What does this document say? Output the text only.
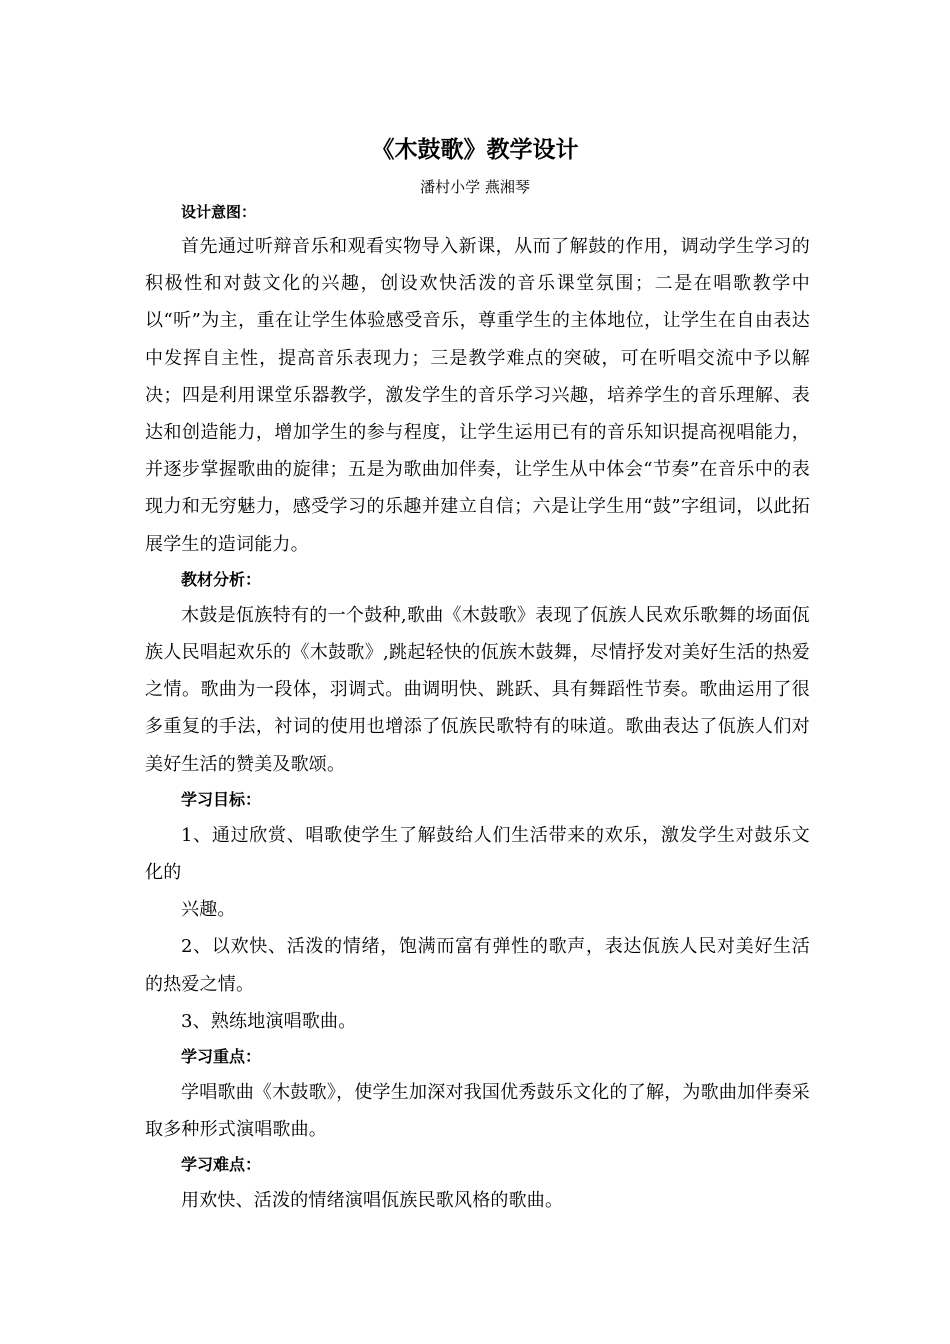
《木鼓歌》教学设计
潘村小学 燕湘琴

设计意图：

首先通过听辩音乐和观看实物导入新课，从而了解鼓的作用，调动学生学习的积极性和对鼓文化的兴趣，创设欢快活泼的音乐课堂氛围；二是在唱歌教学中以“听”为主，重在让学生体验感受音乐，尊重学生的主体地位，让学生在自由表达中发挥自主性，提高音乐表现力；三是教学难点的突破，可在听唱交流中予以解决；四是利用课堂乐器教学，激发学生的音乐学习兴趣，培养学生的音乐理解、表达和创造能力，增加学生的参与程度，让学生运用已有的音乐知识提高视唱能力，并逐步掌握歌曲的旋律；五是为歌曲加伴奏，让学生从中体会“节奏”在音乐中的表现力和无穷魅力，感受学习的乐趣并建立自信；六是让学生用“鼓”字组词，以此拓展学生的造词能力。

教材分析：

木鼓是佤族特有的一个鼓种,歌曲《木鼓歌》表现了佤族人民欢乐歌舞的场面佤族人民唱起欢乐的《木鼓歌》,跳起轻快的佤族木鼓舞，尽情抒发对美好生活的热爱之情。歌曲为一段体，羽调式。曲调明快、跳跃、具有舞蹈性节奏。歌曲运用了很多重复的手法，衬词的使用也增添了佤族民歌特有的味道。歌曲表达了佤族人们对美好生活的赞美及歌颂。

学习目标：

1、通过欣赏、唱歌使学生了解鼓给人们生活带来的欢乐，激发学生对鼓乐文化的

兴趣。

2、以欢快、活泼的情绪，饱满而富有弹性的歌声，表达佤族人民对美好生活的热爱之情。

3、熟练地演唱歌曲。

学习重点：

学唱歌曲《木鼓歌》，使学生加深对我国优秀鼓乐文化的了解，为歌曲加伴奏采取多种形式演唱歌曲。

学习难点：

用欢快、活泼的情绪演唱佤族民歌风格的歌曲。
